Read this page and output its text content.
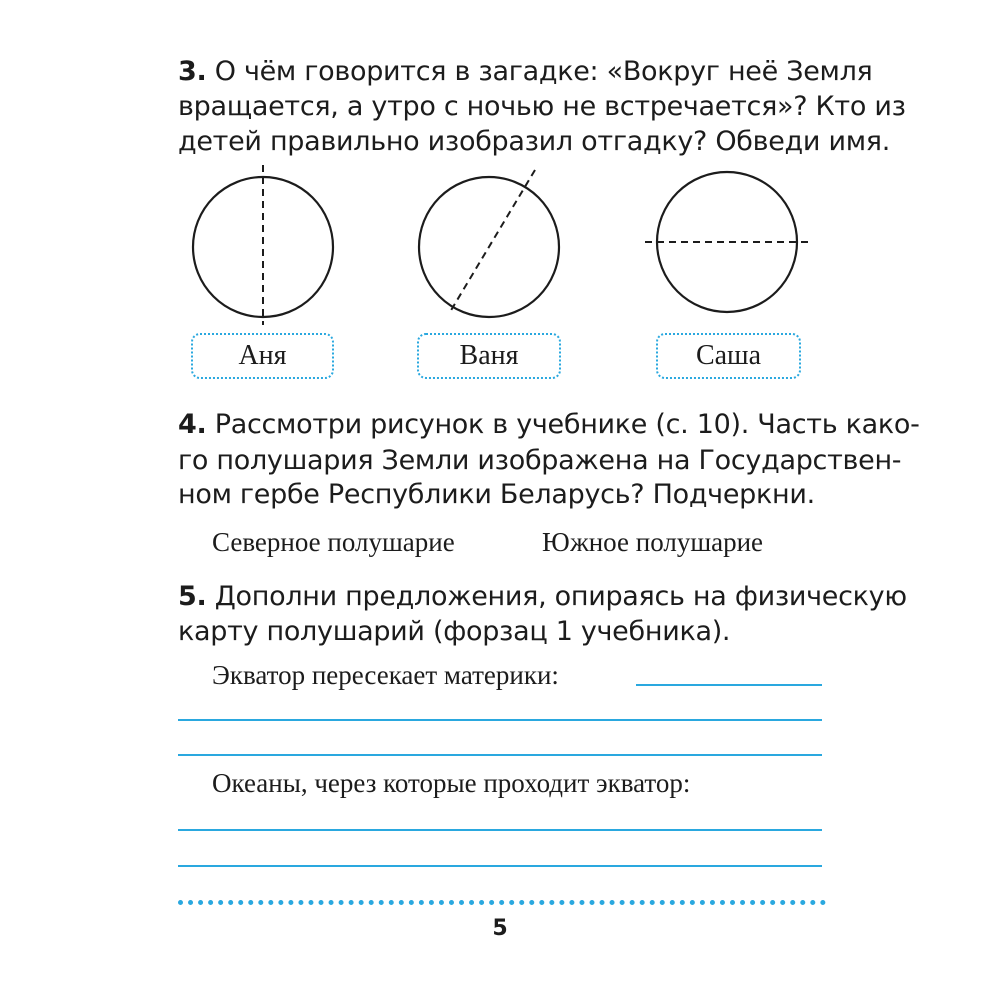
3. О чём говорится в загадке: «Вокруг неё Земля
вращается, а утро с ночью не встречается»? Кто из
детей правильно изобразил отгадку? Обведи имя.
Аня	Ваня	Саша
4. Рассмотри рисунок в учебнике (с. 10). Часть како-
го полушария Земли изображена на Государствен-
ном гербе Республики Беларусь? Подчеркни.
Северное полушарие	Южное полушарие
5. Дополни предложения, опираясь на физическую
карту полушарий (форзац 1 учебника).
Экватор пересекает материки:
Океаны, через которые проходит экватор:
5
